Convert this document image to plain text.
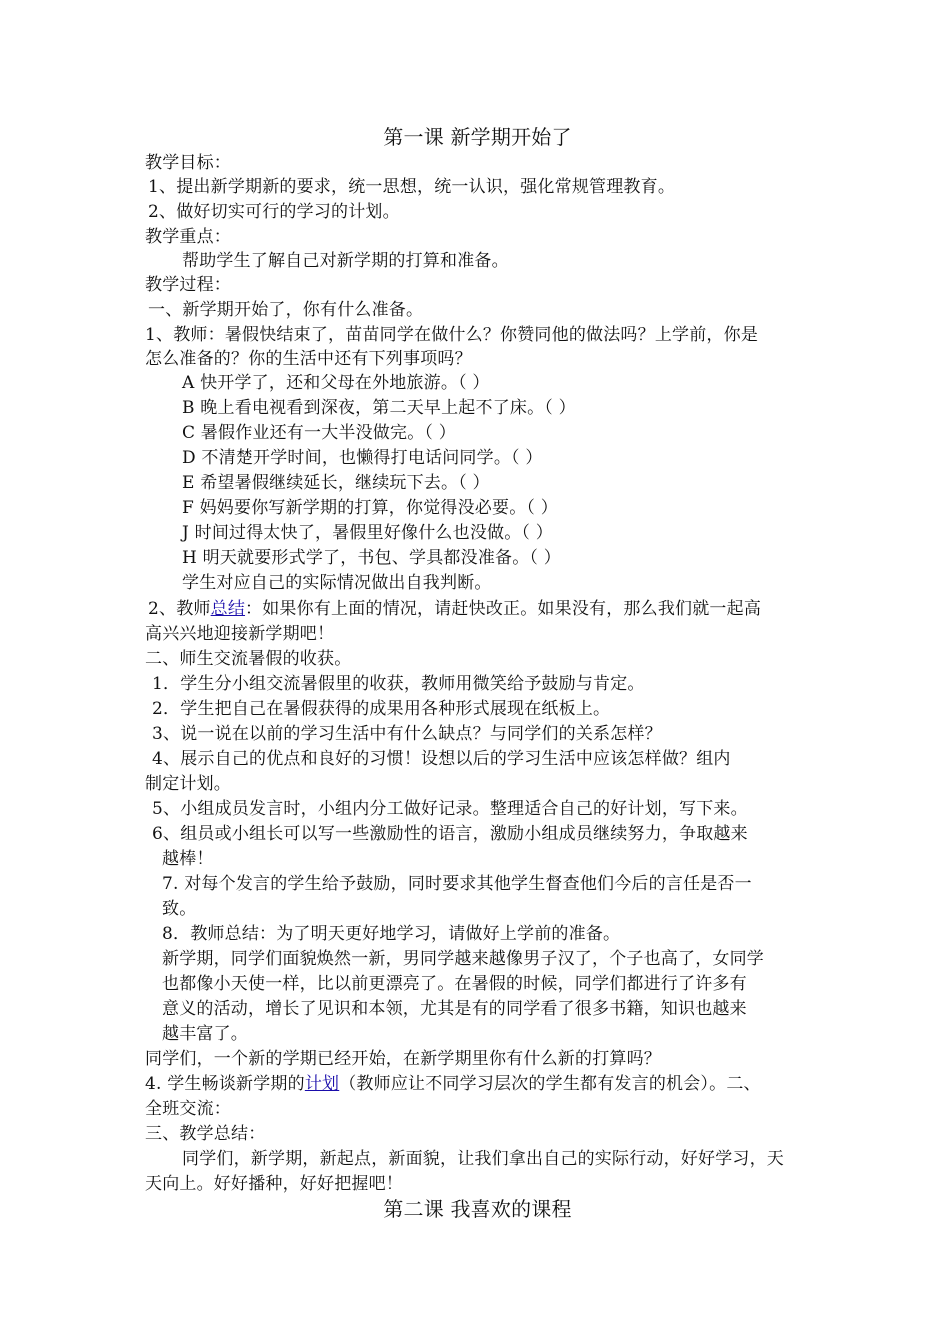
第一课 新学期开始了
教学目标：
1、提出新学期新的要求，统一思想，统一认识，强化常规管理教育。
2、做好切实可行的学习的计划。
教学重点：
帮助学生了解自己对新学期的打算和准备。
教学过程：
一、新学期开始了，你有什么准备。
1、教师：暑假快结束了，苗苗同学在做什么？你赞同他的做法吗？上学前，你是
怎么准备的？你的生活中还有下列事项吗？
A 快开学了，还和父母在外地旅游。（ ）
B 晚上看电视看到深夜，第二天早上起不了床。（ ）
C 暑假作业还有一大半没做完。（ ）
D 不清楚开学时间，也懒得打电话问同学。（ ）
E 希望暑假继续延长，继续玩下去。（ ）
F 妈妈要你写新学期的打算，你觉得没必要。（ ）
J 时间过得太快了，暑假里好像什么也没做。（ ）
H 明天就要形式学了，书包、学具都没准备。（ ）
学生对应自己的实际情况做出自我判断。
2、教师总结：如果你有上面的情况，请赶快改正。如果没有，那么我们就一起高
高兴兴地迎接新学期吧！
二、师生交流暑假的收获。
1．学生分小组交流暑假里的收获，教师用微笑给予鼓励与肯定。
2．学生把自己在暑假获得的成果用各种形式展现在纸板上。
3、说一说在以前的学习生活中有什么缺点？与同学们的关系怎样？
4、展示自己的优点和良好的习惯！设想以后的学习生活中应该怎样做？组内
制定计划。
5、小组成员发言时，小组内分工做好记录。整理适合自己的好计划，写下来。
6、组员或小组长可以写一些激励性的语言，激励小组成员继续努力，争取越来
越棒！
7. 对每个发言的学生给予鼓励，同时要求其他学生督查他们今后的言任是否一
致。
8．教师总结：为了明天更好地学习，请做好上学前的准备。
新学期，同学们面貌焕然一新，男同学越来越像男子汉了，个子也高了，女同学
也都像小天使一样，比以前更漂亮了。在暑假的时候，同学们都进行了许多有
意义的活动，增长了见识和本领，尤其是有的同学看了很多书籍，知识也越来
越丰富了。
同学们，一个新的学期已经开始，在新学期里你有什么新的打算吗？
4. 学生畅谈新学期的计划（教师应让不同学习层次的学生都有发言的机会）。二、
全班交流：
三、教学总结：
同学们，新学期，新起点，新面貌，让我们拿出自己的实际行动，好好学习，天
天向上。好好播种，好好把握吧！
第二课 我喜欢的课程
